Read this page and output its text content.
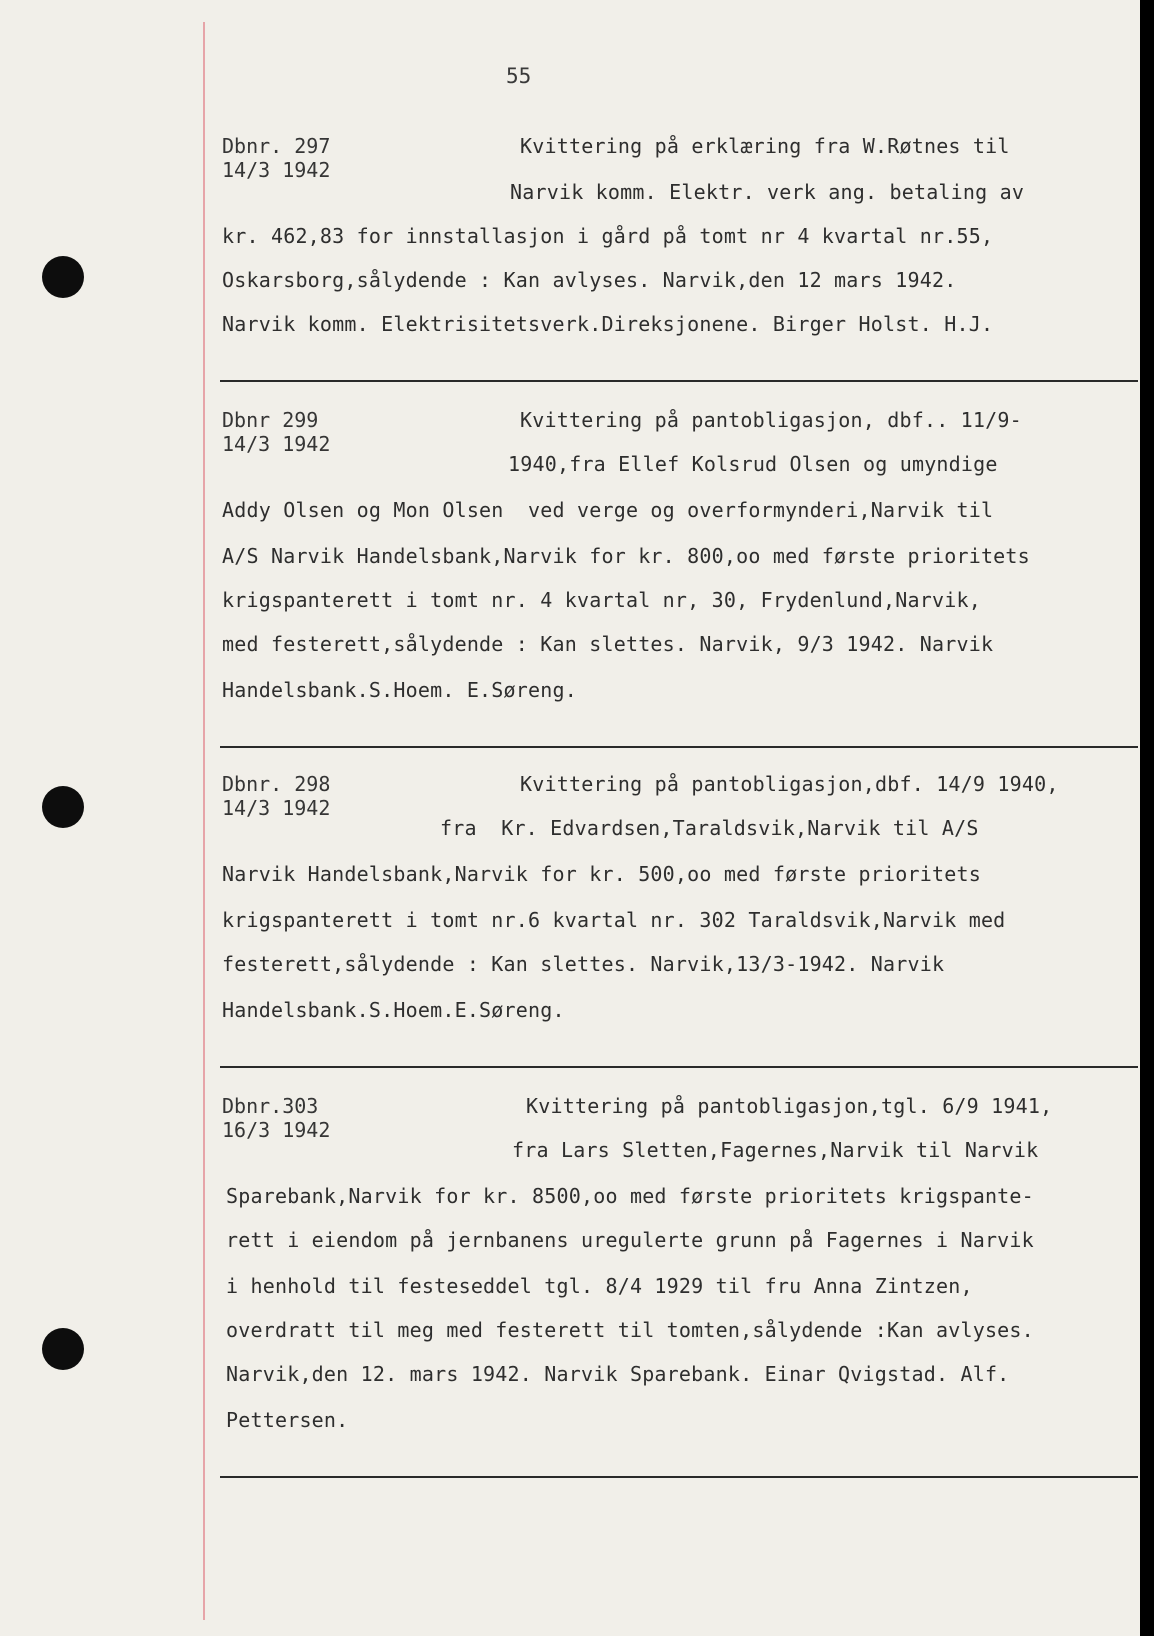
55
Dbnr. 297
14/3 1942
Kvittering på erklæring fra W.Røtnes til
Narvik komm. Elektr. verk ang. betaling av
kr. 462,83 for innstallasjon i gård på tomt nr 4 kvartal nr.55,
Oskarsborg,sålydende : Kan avlyses. Narvik,den 12 mars 1942.
Narvik komm. Elektrisitetsverk.Direksjonene. Birger Holst. H.J.
Dbnr 299
14/3 1942
Kvittering på pantobligasjon, dbf.. 11/9-
1940,fra Ellef Kolsrud Olsen og umyndige
Addy Olsen og Mon Olsen  ved verge og overformynderi,Narvik til
A/S Narvik Handelsbank,Narvik for kr. 800,oo med første prioritets
krigspanterett i tomt nr. 4 kvartal nr, 30, Frydenlund,Narvik,
med festerett,sålydende : Kan slettes. Narvik, 9/3 1942. Narvik
Handelsbank.S.Hoem. E.Søreng.
Dbnr. 298
14/3 1942
Kvittering på pantobligasjon,dbf. 14/9 1940,
fra  Kr. Edvardsen,Taraldsvik,Narvik til A/S
Narvik Handelsbank,Narvik for kr. 500,oo med første prioritets
krigspanterett i tomt nr.6 kvartal nr. 302 Taraldsvik,Narvik med
festerett,sålydende : Kan slettes. Narvik,13/3-1942. Narvik
Handelsbank.S.Hoem.E.Søreng.
Dbnr.303
16/3 1942
Kvittering på pantobligasjon,tgl. 6/9 1941,
fra Lars Sletten,Fagernes,Narvik til Narvik
Sparebank,Narvik for kr. 8500,oo med første prioritets krigspante-
rett i eiendom på jernbanens uregulerte grunn på Fagernes i Narvik
i henhold til festeseddel tgl. 8/4 1929 til fru Anna Zintzen,
overdratt til meg med festerett til tomten,sålydende :Kan avlyses.
Narvik,den 12. mars 1942. Narvik Sparebank. Einar Qvigstad. Alf.
Pettersen.
